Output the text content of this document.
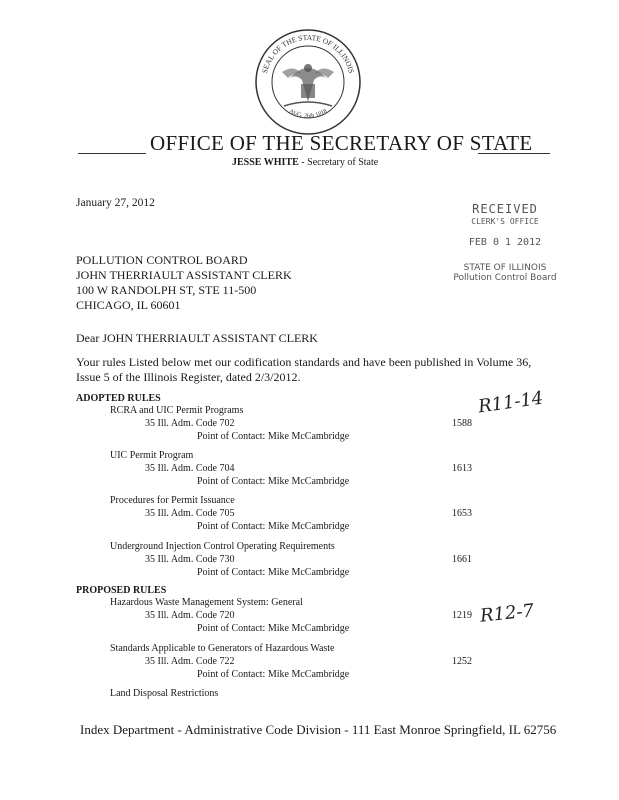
SEAL OF THE STATE OF ILLINOIS
AUG. 26th 1818
OFFICE OF THE SECRETARY OF STATE
JESSE WHITE - Secretary of State
January 27, 2012	RECEIVED
CLERK'S OFFICE
FEB 0 1 2012
STATE OF ILLINOIS
Pollution Control Board
POLLUTION CONTROL BOARD
JOHN THERRIAULT ASSISTANT CLERK
100 W RANDOLPH ST, STE 11-500
CHICAGO, IL 60601
Dear JOHN THERRIAULT ASSISTANT CLERK
Your rules Listed below met our codification standards and have been published in Volume 36,
Issue 5 of the Illinois Register, dated 2/3/2012.
ADOPTED RULES	R11-14
RCRA and UIC Permit Programs
35 Ill. Adm. Code 702	1588
Point of Contact: Mike McCambridge
UIC Permit Program
35 Ill. Adm. Code 704	1613
Point of Contact: Mike McCambridge
Procedures for Permit Issuance
35 Ill. Adm. Code 705	1653
Point of Contact: Mike McCambridge
Underground Injection Control Operating Requirements
35 Ill. Adm. Code 730	1661
Point of Contact: Mike McCambridge
PROPOSED RULES
Hazardous Waste Management System: General
35 Ill. Adm. Code 720	1219 R12-7
Point of Contact: Mike McCambridge
Standards Applicable to Generators of Hazardous Waste
35 Ill. Adm. Code 722	1252
Point of Contact: Mike McCambridge
Land Disposal Restrictions
Index Department - Administrative Code Division - 111 East Monroe Springfield, IL 62756
